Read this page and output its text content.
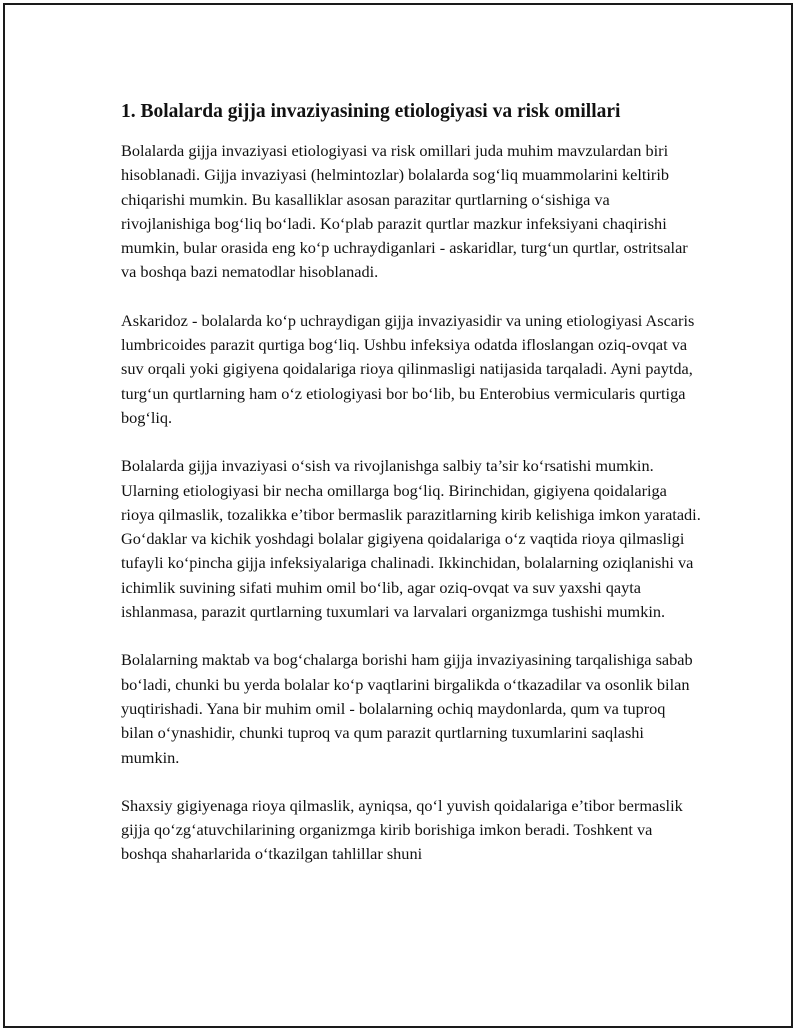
1. Bolalarda gijja invaziyasining etiologiyasi va risk omillari

Bolalarda gijja invaziyasi etiologiyasi va risk omillari juda muhim mavzulardan biri hisoblanadi. Gijja invaziyasi (helmintozlar) bolalarda sog‘liq muammolarini keltirib chiqarishi mumkin. Bu kasalliklar asosan parazitar qurtlarning o‘sishiga va rivojlanishiga bog‘liq bo‘ladi. Ko‘plab parazit qurtlar mazkur infeksiyani chaqirishi mumkin, bular orasida eng ko‘p uchraydiganlari - askaridlar, turg‘un qurtlar, ostritsalar va boshqa bazi nematodlar hisoblanadi.

Askaridoz - bolalarda ko‘p uchraydigan gijja invaziyasidir va uning etiologiyasi Ascaris lumbricoides parazit qurtiga bog‘liq. Ushbu infeksiya odatda ifloslangan oziq-ovqat va suv orqali yoki gigiyena qoidalariga rioya qilinmasligi natijasida tarqaladi. Ayni paytda, turg‘un qurtlarning ham o‘z etiologiyasi bor bo‘lib, bu Enterobius vermicularis qurtiga bog‘liq.

Bolalarda gijja invaziyasi o‘sish va rivojlanishga salbiy ta’sir ko‘rsatishi mumkin. Ularning etiologiyasi bir necha omillarga bog‘liq. Birinchidan, gigiyena qoidalariga rioya qilmaslik, tozalikka e’tibor bermaslik parazitlarning kirib kelishiga imkon yaratadi. Go‘daklar va kichik yoshdagi bolalar gigiyena qoidalariga o‘z vaqtida rioya qilmasligi tufayli ko‘pincha gijja infeksiyalariga chalinadi. Ikkinchidan, bolalarning oziqlanishi va ichimlik suvining sifati muhim omil bo‘lib, agar oziq-ovqat va suv yaxshi qayta ishlanmasa, parazit qurtlarning tuxumlari va larvalari organizmga tushishi mumkin.

Bolalarning maktab va bog‘chalarga borishi ham gijja invaziyasining tarqalishiga sabab bo‘ladi, chunki bu yerda bolalar ko‘p vaqtlarini birgalikda o‘tkazadilar va osonlik bilan yuqtirishadi. Yana bir muhim omil - bolalarning ochiq maydonlarda, qum va tuproq bilan o‘ynashidir, chunki tuproq va qum parazit qurtlarning tuxumlarini saqlashi mumkin.

Shaxsiy gigiyenaga rioya qilmaslik, ayniqsa, qo‘l yuvish qoidalariga e’tibor bermaslik gijja qo‘zg‘atuvchilarining organizmga kirib borishiga imkon beradi. Toshkent va boshqa shaharlarida o‘tkazilgan tahlillar shuni
